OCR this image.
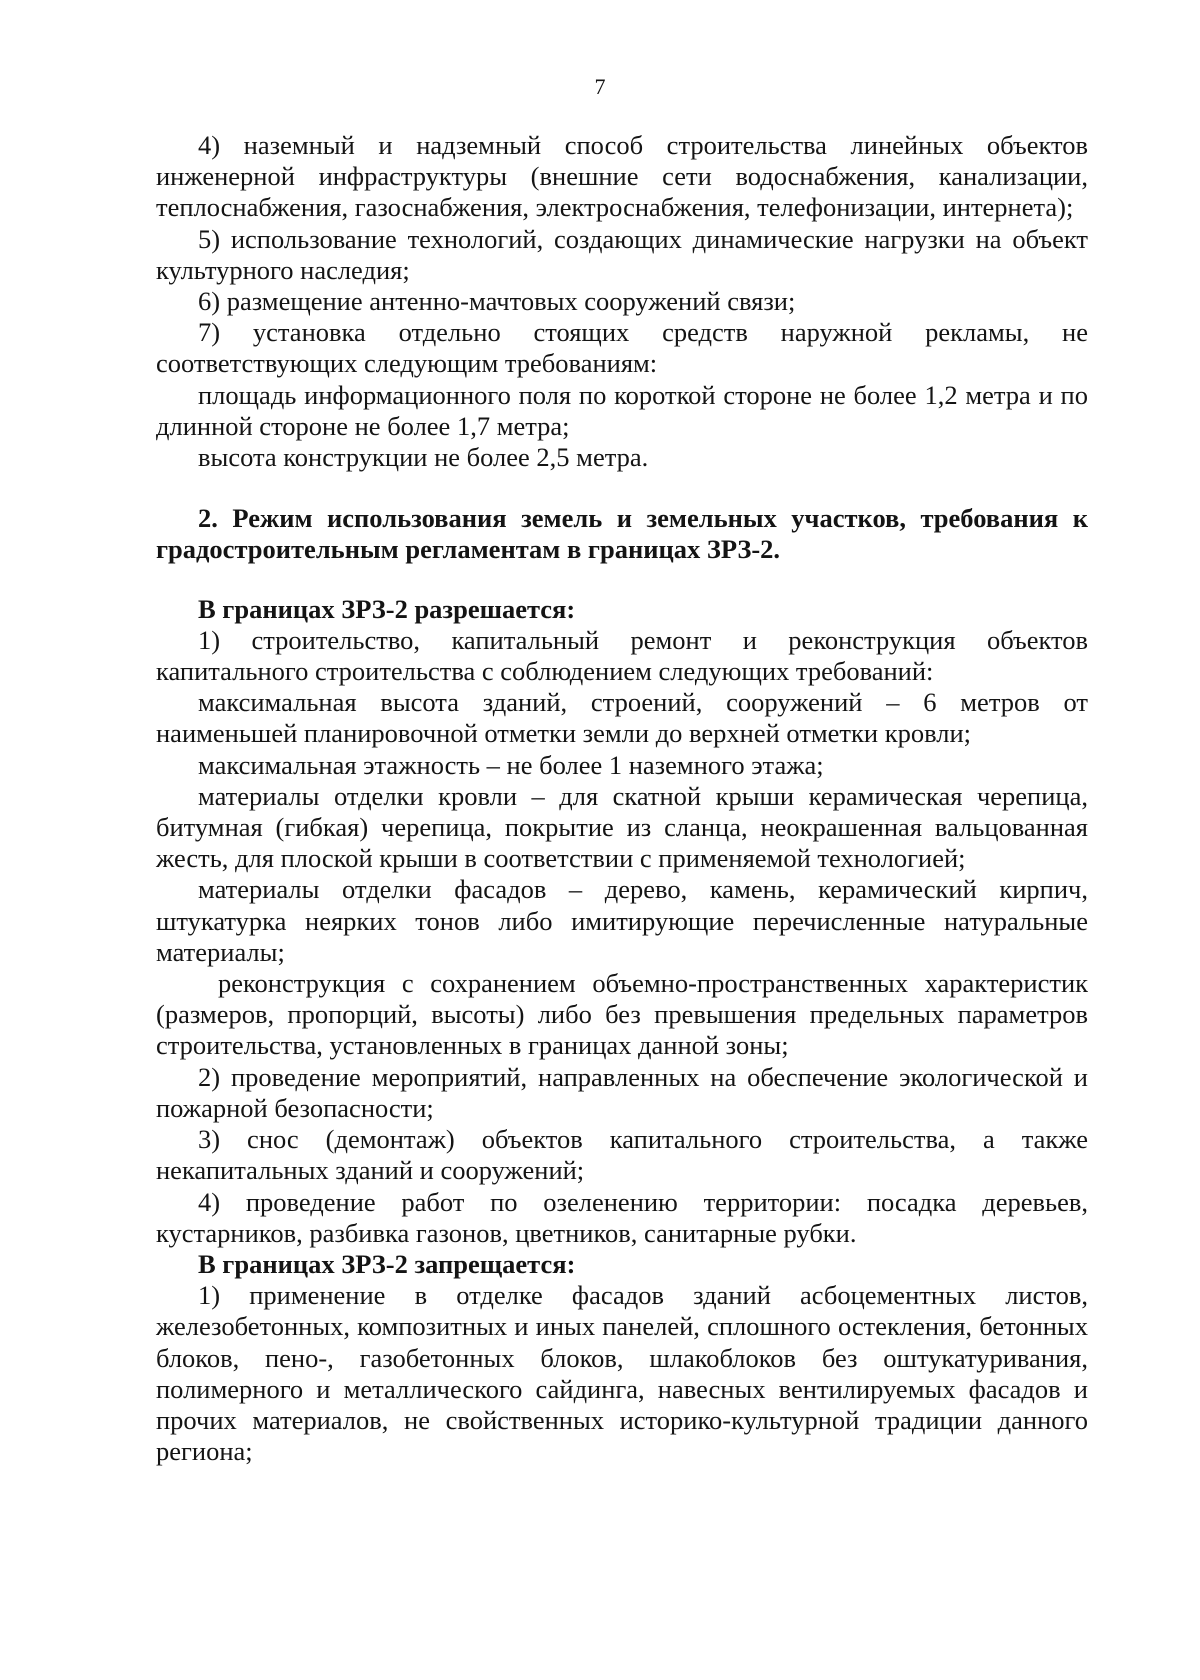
7

4) наземный и надземный способ строительства линейных объектов инженерной инфраструктуры (внешние сети водоснабжения, канализации, теплоснабжения, газоснабжения, электроснабжения, телефонизации, интернета);

5) использование технологий, создающих динамические нагрузки на объект культурного наследия;

6) размещение антенно-мачтовых сооружений связи;

7) установка отдельно стоящих средств наружной рекламы, не соответствующих следующим требованиям:

площадь информационного поля по короткой стороне не более 1,2 метра и по длинной стороне не более 1,7 метра;

высота конструкции не более 2,5 метра.

2. Режим использования земель и земельных участков, требования к градостроительным регламентам в границах ЗРЗ-2.

В границах ЗРЗ-2 разрешается:

1) строительство, капитальный ремонт и реконструкция объектов капитального строительства с соблюдением следующих требований:

максимальная высота зданий, строений, сооружений – 6 метров от наименьшей планировочной отметки земли до верхней отметки кровли;

максимальная этажность – не более 1 наземного этажа;

материалы отделки кровли – для скатной крыши керамическая черепица, битумная (гибкая) черепица, покрытие из сланца, неокрашенная вальцованная жесть, для плоской крыши в соответствии с применяемой технологией;

материалы отделки фасадов – дерево, камень, керамический кирпич, штукатурка неярких тонов либо имитирующие перечисленные натуральные материалы;

реконструкция с сохранением объемно-пространственных характеристик (размеров, пропорций, высоты) либо без превышения предельных параметров строительства, установленных в границах данной зоны;

2) проведение мероприятий, направленных на обеспечение экологической и пожарной безопасности;

3) снос (демонтаж) объектов капитального строительства, а также некапитальных зданий и сооружений;

4) проведение работ по озеленению территории: посадка деревьев, кустарников, разбивка газонов, цветников, санитарные рубки.

В границах ЗРЗ-2 запрещается:

1) применение в отделке фасадов зданий асбоцементных листов, железобетонных, композитных и иных панелей, сплошного остекления, бетонных блоков, пено-, газобетонных блоков, шлакоблоков без оштукатуривания, полимерного и металлического сайдинга, навесных вентилируемых фасадов и прочих материалов, не свойственных историко-культурной традиции данного региона;
